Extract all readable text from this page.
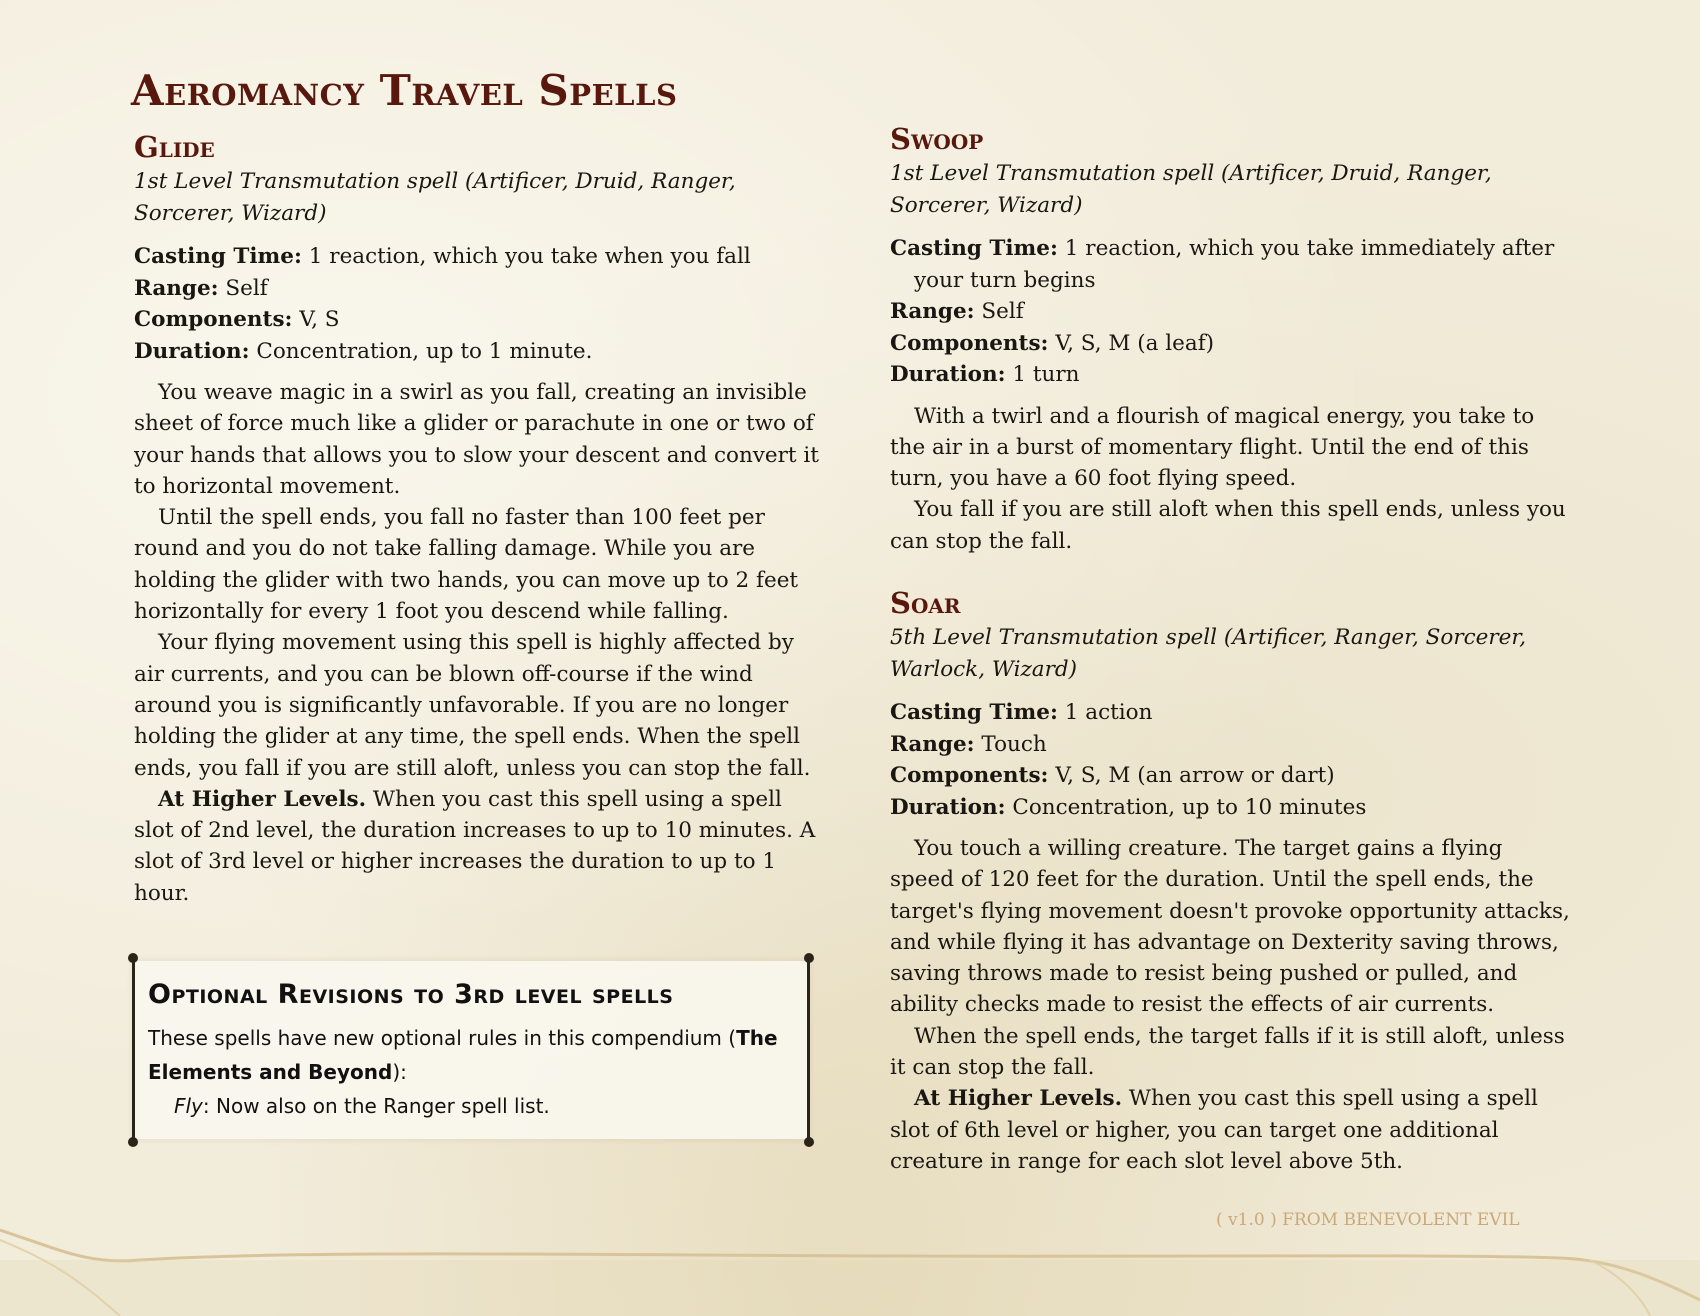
Aeromancy Travel Spells
Glide
1st Level Transmutation spell (Artificer, Druid, Ranger, Sorcerer, Wizard)
Casting Time: 1 reaction, which you take when you fall
Range: Self
Components: V, S
Duration: Concentration, up to 1 minute.

You weave magic in a swirl as you fall, creating an invisible sheet of force much like a glider or parachute in one or two of your hands that allows you to slow your descent and convert it to horizontal movement.

Until the spell ends, you fall no faster than 100 feet per round and you do not take falling damage. While you are holding the glider with two hands, you can move up to 2 feet horizontally for every 1 foot you descend while falling.

Your flying movement using this spell is highly affected by air currents, and you can be blown off-course if the wind around you is significantly unfavorable. If you are no longer holding the glider at any time, the spell ends. When the spell ends, you fall if you are still aloft, unless you can stop the fall.

At Higher Levels. When you cast this spell using a spell slot of 2nd level, the duration increases to up to 10 minutes. A slot of 3rd level or higher increases the duration to up to 1 hour.

Swoop
1st Level Transmutation spell (Artificer, Druid, Ranger, Sorcerer, Wizard)
Casting Time: 1 reaction, which you take immediately after your turn begins
Range: Self
Components: V, S, M (a leaf)
Duration: 1 turn

With a twirl and a flourish of magical energy, you take to the air in a burst of momentary flight. Until the end of this turn, you have a 60 foot flying speed.

You fall if you are still aloft when this spell ends, unless you can stop the fall.

Soar
5th Level Transmutation spell (Artificer, Ranger, Sorcerer, Warlock, Wizard)
Casting Time: 1 action
Range: Touch
Components: V, S, M (an arrow or dart)
Duration: Concentration, up to 10 minutes

You touch a willing creature. The target gains a flying speed of 120 feet for the duration. Until the spell ends, the target's flying movement doesn't provoke opportunity attacks, and while flying it has advantage on Dexterity saving throws, saving throws made to resist being pushed or pulled, and ability checks made to resist the effects of air currents.

When the spell ends, the target falls if it is still aloft, unless it can stop the fall.

At Higher Levels. When you cast this spell using a spell slot of 6th level or higher, you can target one additional creature in range for each slot level above 5th.

Optional Revisions to 3rd level spells
These spells have new optional rules in this compendium (The Elements and Beyond):
Fly: Now also on the Ranger spell list.
( v1.0 ) FROM BENEVOLENT EVIL
